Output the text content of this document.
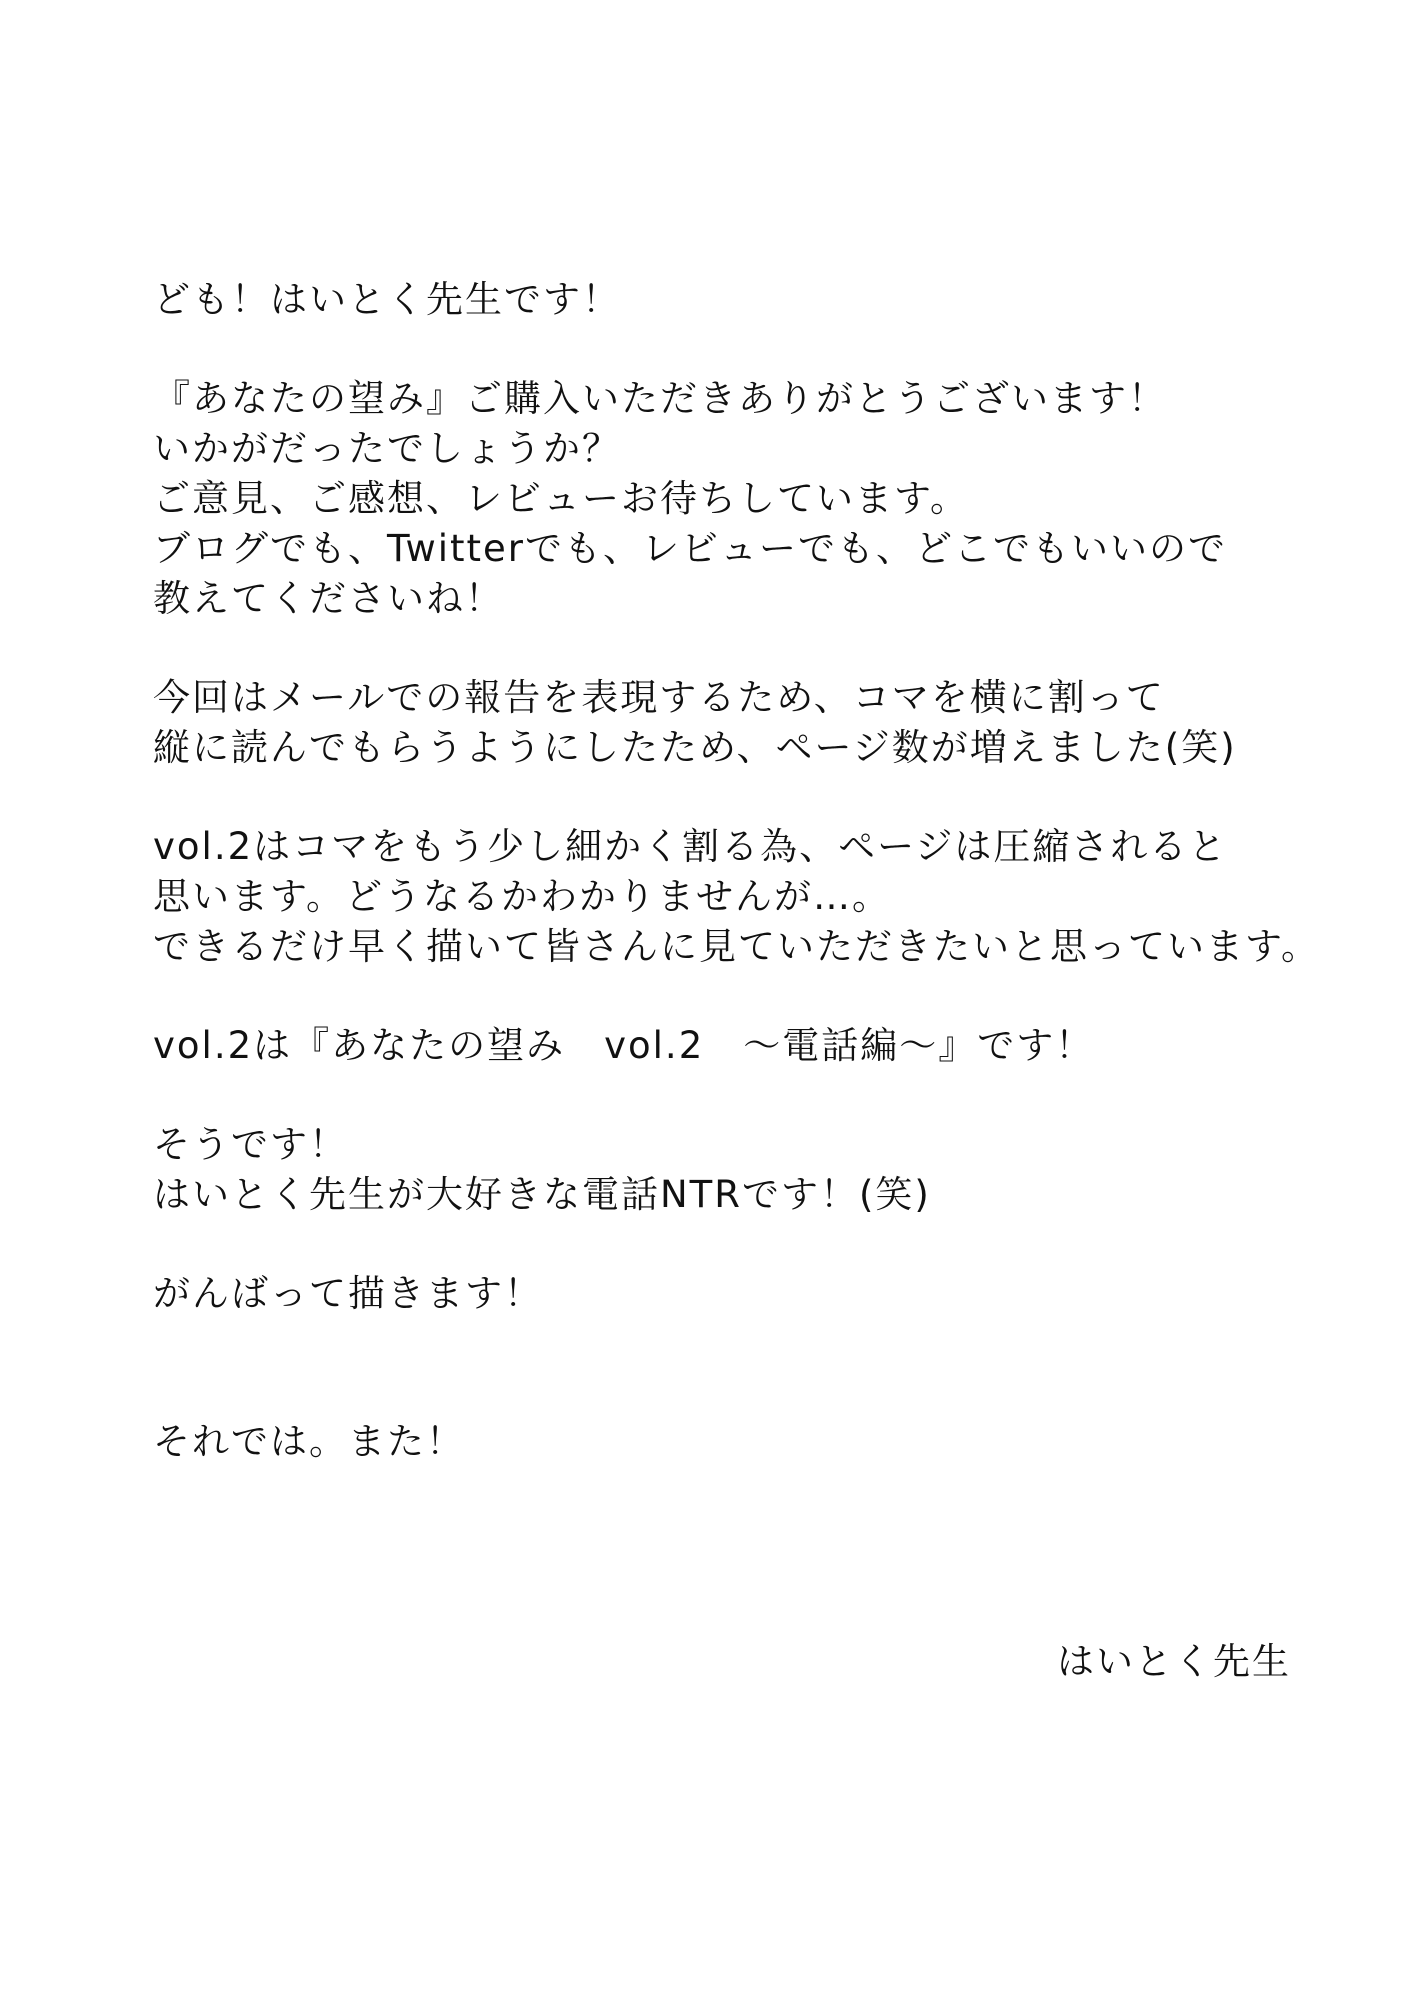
ども！はいとく先生です！
『あなたの望み』ご購入いただきありがとうございます！
いかがだったでしょうか？
ご意見、ご感想、レビューお待ちしています。
ブログでも、Twitterでも、レビューでも、どこでもいいので
教えてくださいね！
今回はメールでの報告を表現するため、コマを横に割って
縦に読んでもらうようにしたため、ページ数が増えました(笑)
vol.2はコマをもう少し細かく割る為、ページは圧縮されると
思います。どうなるかわかりませんが…。
できるだけ早く描いて皆さんに見ていただきたいと思っています。
vol.2は『あなたの望み　vol.2　～電話編～』です！
そうです！
はいとく先生が大好きな電話NTRです！(笑)
がんばって描きます！
それでは。また！
はいとく先生
